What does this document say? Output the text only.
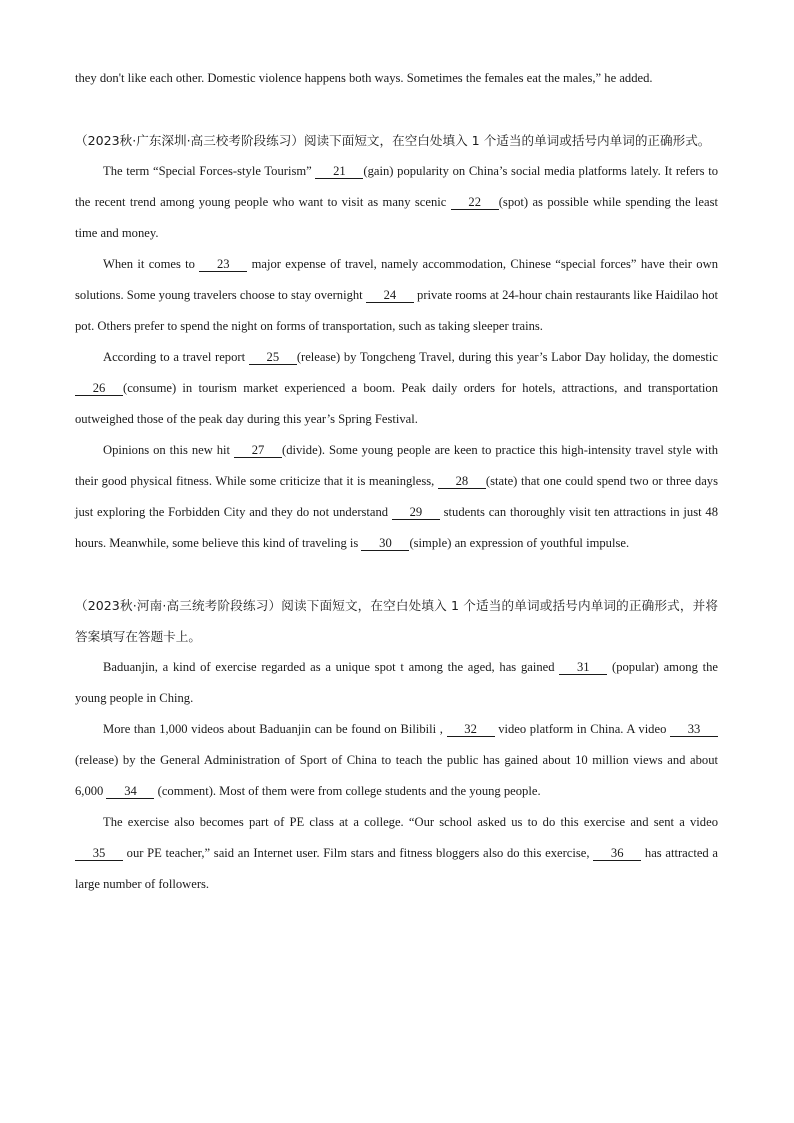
they don't like each other. Domestic violence happens both ways. Sometimes the females eat the males,” he added.

（2023秋·广东深圳·高三校考阶段练习）阅读下面短文，在空白处填入 1 个适当的单词或括号内单词的正确形式。

The term “Special Forces-style Tourism” 21 (gain) popularity on China’s social media platforms lately. It refers to the recent trend among young people who want to visit as many scenic 22 (spot) as possible while spending the least time and money.

When it comes to 23 major expense of travel, namely accommodation, Chinese “special forces” have their own solutions. Some young travelers choose to stay overnight 24 private rooms at 24-hour chain restaurants like Haidilao hot pot. Others prefer to spend the night on forms of transportation, such as taking sleeper trains.

According to a travel report 25 (release) by Tongcheng Travel, during this year’s Labor Day holiday, the domestic 26 (consume) in tourism market experienced a boom. Peak daily orders for hotels, attractions, and transportation outweighed those of the peak day during this year’s Spring Festival.

Opinions on this new hit 27 (divide). Some young people are keen to practice this high-intensity travel style with their good physical fitness. While some criticize that it is meaningless, 28 (state) that one could spend two or three days just exploring the Forbidden City and they do not understand 29 students can thoroughly visit ten attractions in just 48 hours. Meanwhile, some believe this kind of traveling is 30 (simple) an expression of youthful impulse.

（2023秋·河南·高三统考阶段练习）阅读下面短文，在空白处填入 1 个适当的单词或括号内单词的正确形式，并将答案填写在答题卡上。

Baduanjin, a kind of exercise regarded as a unique spot t among the aged, has gained 31 (popular) among the young people in Ching.

More than 1,000 videos about Baduanjin can be found on Bilibili , 32 video platform in China. A video 33(release) by the General Administration of Sport of China to teach the public has gained about 10 million views and about 6,000 34 (comment). Most of them were from college students and the young people.

The exercise also becomes part of PE class at a college. “Our school asked us to do this exercise and sent a video 35 our PE teacher,” said an Internet user. Film stars and fitness bloggers also do this exercise, 36 has attracted a large number of followers.
